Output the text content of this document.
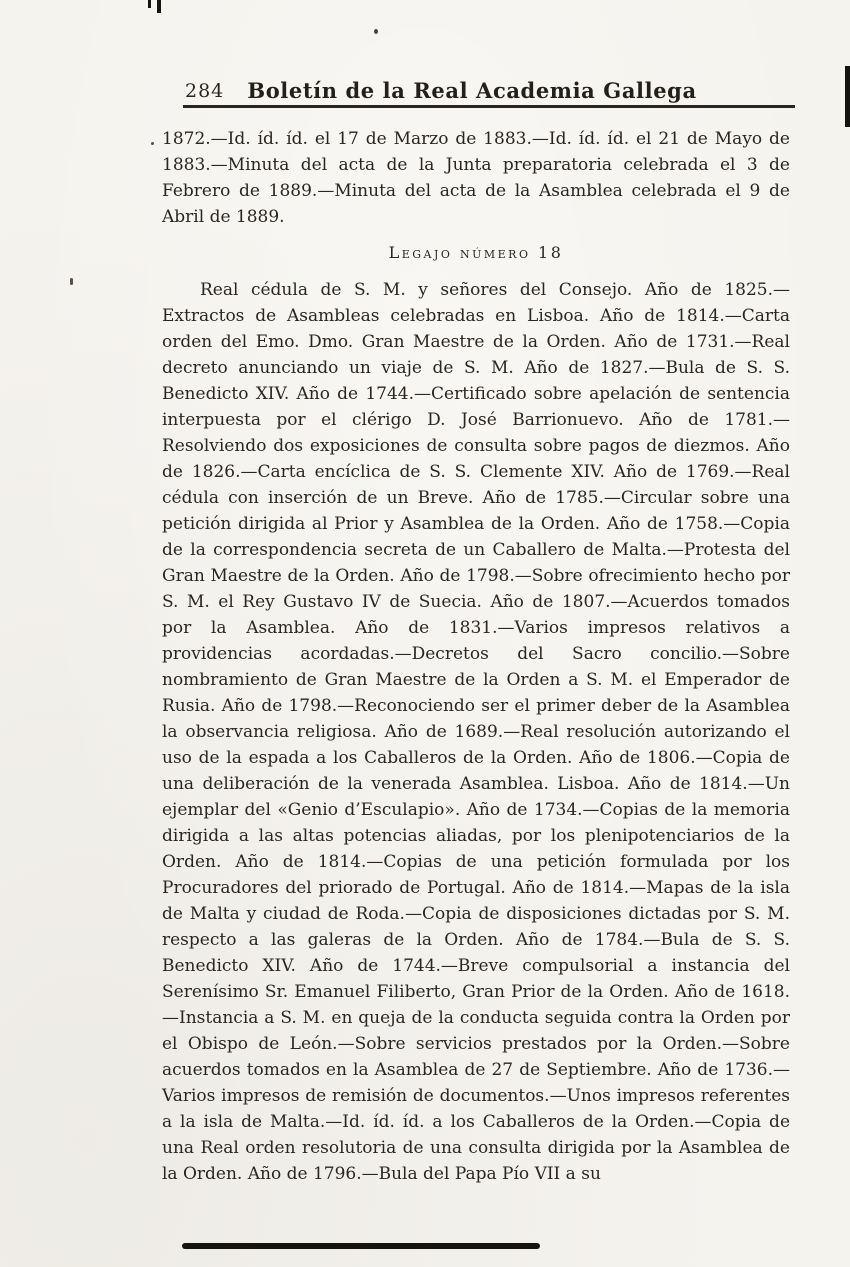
284	Boletín de la Real Academia Gallega

1872.—Id. íd. íd. el 17 de Marzo de 1883.—Id. íd. íd. el 21 de Mayo de 1883.—Minuta del acta de la Junta preparatoria celebrada el 3 de Febrero de 1889.—Minuta del acta de la Asamblea celebrada el 9 de Abril de 1889.

Legajo número 18

Real cédula de S. M. y señores del Consejo. Año de 1825.—Extractos de Asambleas celebradas en Lisboa. Año de 1814.—Carta orden del Emo. Dmo. Gran Maestre de la Orden. Año de 1731.—Real decreto anunciando un viaje de S. M. Año de 1827.—Bula de S. S. Benedicto XIV. Año de 1744.—Certificado sobre apelación de sentencia interpuesta por el clérigo D. José Barrionuevo. Año de 1781.—Resolviendo dos exposiciones de consulta sobre pagos de diezmos. Año de 1826.—Carta encíclica de S. S. Clemente XIV. Año de 1769.—Real cédula con inserción de un Breve. Año de 1785.—Circular sobre una petición dirigida al Prior y Asamblea de la Orden. Año de 1758.—Copia de la correspondencia secreta de un Caballero de Malta.—Protesta del Gran Maestre de la Orden. Año de 1798.—Sobre ofrecimiento hecho por S. M. el Rey Gustavo IV de Suecia. Año de 1807.—Acuerdos tomados por la Asamblea. Año de 1831.—Varios impresos relativos a providencias acordadas.—Decretos del Sacro concilio.—Sobre nombramiento de Gran Maestre de la Orden a S. M. el Emperador de Rusia. Año de 1798.—Reconociendo ser el primer deber de la Asamblea la observancia religiosa. Año de 1689.—Real resolución autorizando el uso de la espada a los Caballeros de la Orden. Año de 1806.—Copia de una deliberación de la venerada Asamblea. Lisboa. Año de 1814.—Un ejemplar del «Genio d’Esculapio». Año de 1734.—Copias de la memoria dirigida a las altas potencias aliadas, por los plenipotenciarios de la Orden. Año de 1814.—Copias de una petición formulada por los Procuradores del priorado de Portugal. Año de 1814.—Mapas de la isla de Malta y ciudad de Roda.—Copia de disposiciones dictadas por S. M. respecto a las galeras de la Orden. Año de 1784.—Bula de S. S. Benedicto XIV. Año de 1744.—Breve compulsorial a instancia del Serenísimo Sr. Emanuel Filiberto, Gran Prior de la Orden. Año de 1618.—Instancia a S. M. en queja de la conducta seguida contra la Orden por el Obispo de León.—Sobre servicios prestados por la Orden.—Sobre acuerdos tomados en la Asamblea de 27 de Septiembre. Año de 1736.—Varios impresos de remisión de documentos.—Unos impresos referentes a la isla de Malta.—Id. íd. íd. a los Caballeros de la Orden.—Copia de una Real orden resolutoria de una consulta dirigida por la Asamblea de la Orden. Año de 1796.—Bula del Papa Pío VII a su
